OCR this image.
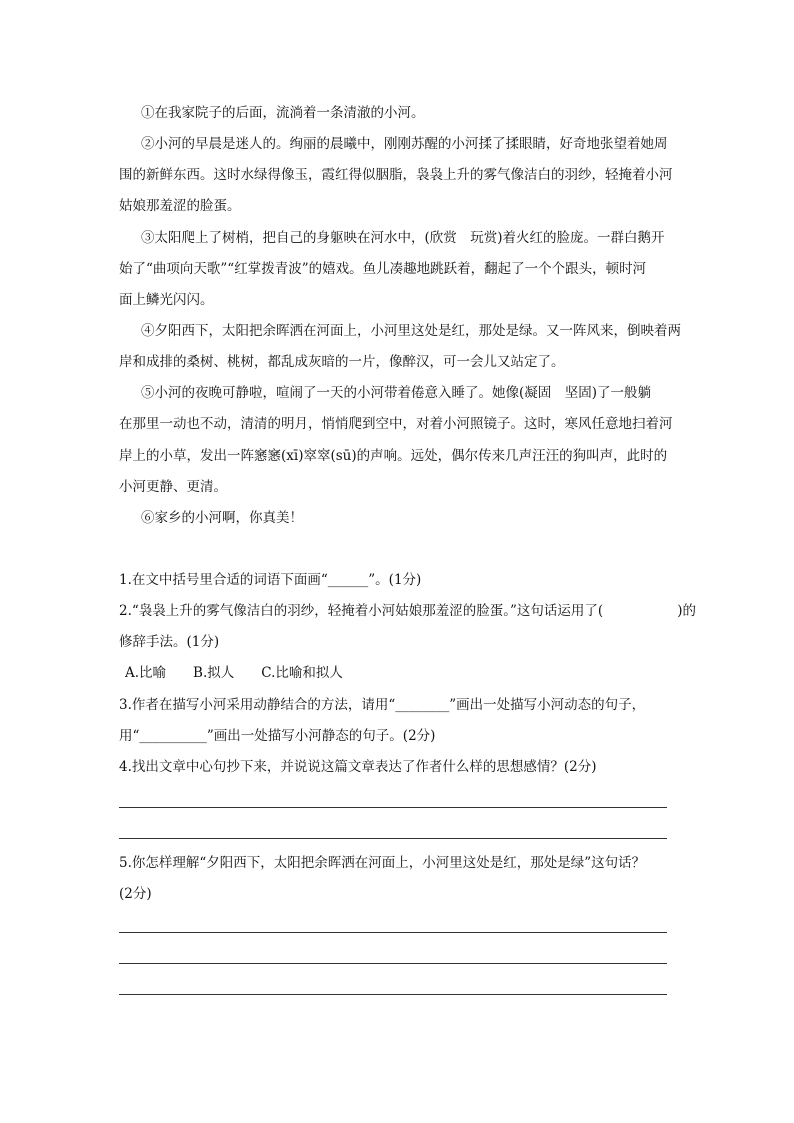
①在我家院子的后面，流淌着一条清澈的小河。

②小河的早晨是迷人的。绚丽的晨曦中，刚刚苏醒的小河揉了揉眼睛，好奇地张望着她周

围的新鲜东西。这时水绿得像玉，霞红得似胭脂，袅袅上升的雾气像洁白的羽纱，轻掩着小河

姑娘那羞涩的脸蛋。

③太阳爬上了树梢，把自己的身躯映在河水中，(欣赏　玩赏)着火红的脸庞。一群白鹅开

始了“曲项向天歌”“红掌拨青波”的嬉戏。鱼儿凑趣地跳跃着，翻起了一个个跟头，顿时河

面上鳞光闪闪。

④夕阳西下，太阳把余晖洒在河面上，小河里这处是红，那处是绿。又一阵风来，倒映着两

岸和成排的桑树、桃树，都乱成灰暗的一片，像醉汉，可一会儿又站定了。

⑤小河的夜晚可静啦，喧闹了一天的小河带着倦意入睡了。她像(凝固　坚固)了一般躺

在那里一动也不动，清清的明月，悄悄爬到空中，对着小河照镜子。这时，寒风任意地扫着河

岸上的小草，发出一阵窸窸(xī)窣窣(sū)的声响。远处，偶尔传来几声汪汪的狗叫声，此时的

小河更静、更清。

⑥家乡的小河啊，你真美！

1.在文中括号里合适的词语下面画“______”。(1分)

2.“袅袅上升的雾气像洁白的羽纱，轻掩着小河姑娘那羞涩的脸蛋。”这句话运用了(	)的

修辞手法。(1分)

A.比喻　　B.拟人　　C.比喻和拟人

3.作者在描写小河采用动静结合的方法，请用“________”画出一处描写小河动态的句子，

用“__________”画出一处描写小河静态的句子。(2分)

4.找出文章中心句抄下来，并说说这篇文章表达了作者什么样的思想感情？(2分)

5.你怎样理解“夕阳西下，太阳把余晖洒在河面上，小河里这处是红，那处是绿”这句话？

(2分)
